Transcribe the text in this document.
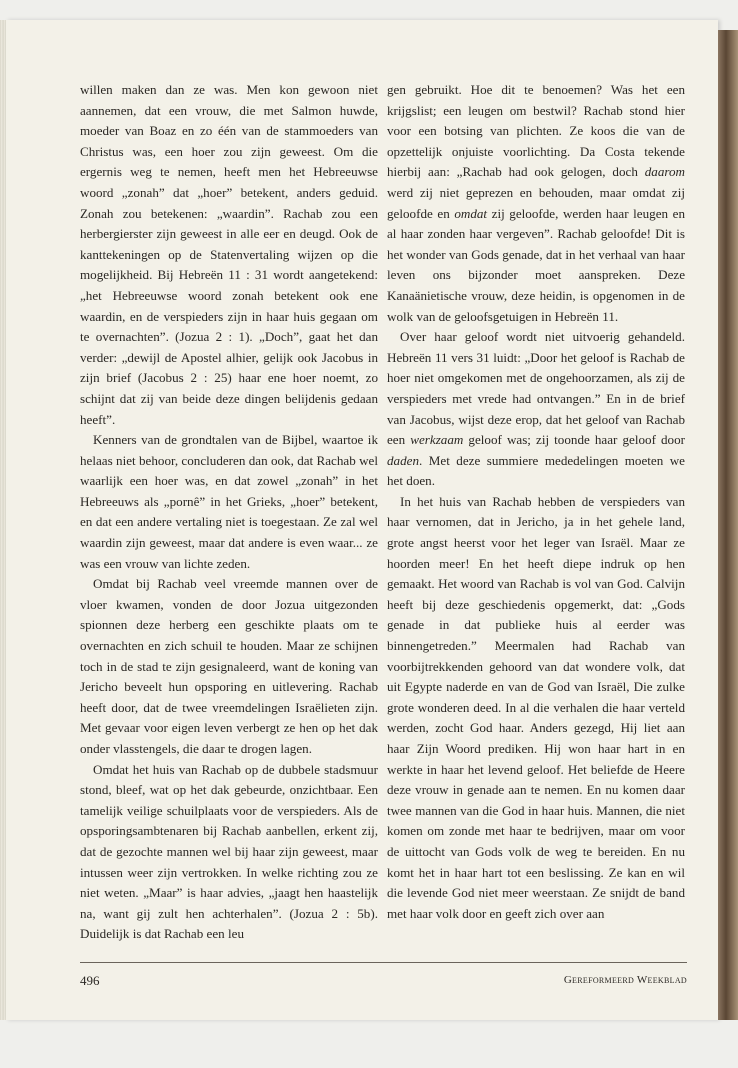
willen maken dan ze was. Men kon gewoon niet aannemen, dat een vrouw, die met Salmon huwde, moeder van Boaz en zo één van de stammoeders van Christus was, een hoer zou zijn geweest. Om die ergernis weg te nemen, heeft men het Hebreeuwse woord „zonah” dat „hoer” betekent, anders geduid. Zonah zou betekenen: „waardin”. Rachab zou een herbergierster zijn geweest in alle eer en deugd. Ook de kanttekeningen op de Statenvertaling wijzen op die mogelijkheid. Bij Hebreën 11 : 31 wordt aangetekend: „het Hebreeuwse woord zonah betekent ook ene waardin, en de verspieders zijn in haar huis gegaan om te overnachten”. (Jozua 2 : 1). „Doch”, gaat het dan verder: „dewijl de Apostel alhier, gelijk ook Jacobus in zijn brief (Jacobus 2 : 25) haar ene hoer noemt, zo schijnt dat zij van beide deze dingen belijdenis gedaan heeft”.

Kenners van de grondtalen van de Bijbel, waartoe ik helaas niet behoor, concluderen dan ook, dat Rachab wel waarlijk een hoer was, en dat zowel „zonah” in het Hebreeuws als „pornê” in het Grieks, „hoer” betekent, en dat een andere vertaling niet is toegestaan. Ze zal wel waardin zijn geweest, maar dat andere is even waar... ze was een vrouw van lichte zeden.

Omdat bij Rachab veel vreemde mannen over de vloer kwamen, vonden de door Jozua uitgezonden spionnen deze herberg een geschikte plaats om te overnachten en zich schuil te houden. Maar ze schijnen toch in de stad te zijn gesignaleerd, want de koning van Jericho beveelt hun opsporing en uitlevering. Rachab heeft door, dat de twee vreemdelingen Israëlieten zijn. Met gevaar voor eigen leven verbergt ze hen op het dak onder vlasstengels, die daar te drogen lagen.

Omdat het huis van Rachab op de dubbele stadsmuur stond, bleef, wat op het dak gebeurde, onzichtbaar. Een tamelijk veilige schuilplaats voor de verspieders. Als de opsporingsambtenaren bij Rachab aanbellen, erkent zij, dat de gezochte mannen wel bij haar zijn geweest, maar intussen weer zijn vertrokken. In welke richting zou ze niet weten. „Maar” is haar advies, „jaagt hen haastelijk na, want gij zult hen achterhalen”. (Jozua 2 : 5b). Duidelijk is dat Rachab een leu

gen gebruikt. Hoe dit te benoemen? Was het een krijgslist; een leugen om bestwil? Rachab stond hier voor een botsing van plichten. Ze koos die van de opzettelijk onjuiste voorlichting. Da Costa tekende hierbij aan: „Rachab had ook gelogen, doch daarom werd zij niet geprezen en behouden, maar omdat zij geloofde en omdat zij geloofde, werden haar leugen en al haar zonden haar vergeven”. Rachab geloofde! Dit is het wonder van Gods genade, dat in het verhaal van haar leven ons bijzonder moet aanspreken. Deze Kanaänietische vrouw, deze heidin, is opgenomen in de wolk van de geloofsgetuigen in Hebreën 11.

Over haar geloof wordt niet uitvoerig gehandeld. Hebreën 11 vers 31 luidt: „Door het geloof is Rachab de hoer niet omgekomen met de ongehoorzamen, als zij de verspieders met vrede had ontvangen.” En in de brief van Jacobus, wijst deze erop, dat het geloof van Rachab een werkzaam geloof was; zij toonde haar geloof door daden. Met deze summiere mededelingen moeten we het doen.

In het huis van Rachab hebben de verspieders van haar vernomen, dat in Jericho, ja in het gehele land, grote angst heerst voor het leger van Israël. Maar ze hoorden meer! En het heeft diepe indruk op hen gemaakt. Het woord van Rachab is vol van God. Calvijn heeft bij deze geschiedenis opgemerkt, dat: „Gods genade in dat publieke huis al eerder was binnengetreden.” Meermalen had Rachab van voorbijtrekkenden gehoord van dat wondere volk, dat uit Egypte naderde en van de God van Israël, Die zulke grote wonderen deed. In al die verhalen die haar verteld werden, zocht God haar. Anders gezegd, Hij liet aan haar Zijn Woord prediken. Hij won haar hart in en werkte in haar het levend geloof. Het beliefde de Heere deze vrouw in genade aan te nemen. En nu komen daar twee mannen van die God in haar huis. Mannen, die niet komen om zonde met haar te bedrijven, maar om voor de uittocht van Gods volk de weg te bereiden. En nu komt het in haar hart tot een beslissing. Ze kan en wil die levende God niet meer weerstaan. Ze snijdt de band met haar volk door en geeft zich over aan

496	Gereformeerd Weekblad
